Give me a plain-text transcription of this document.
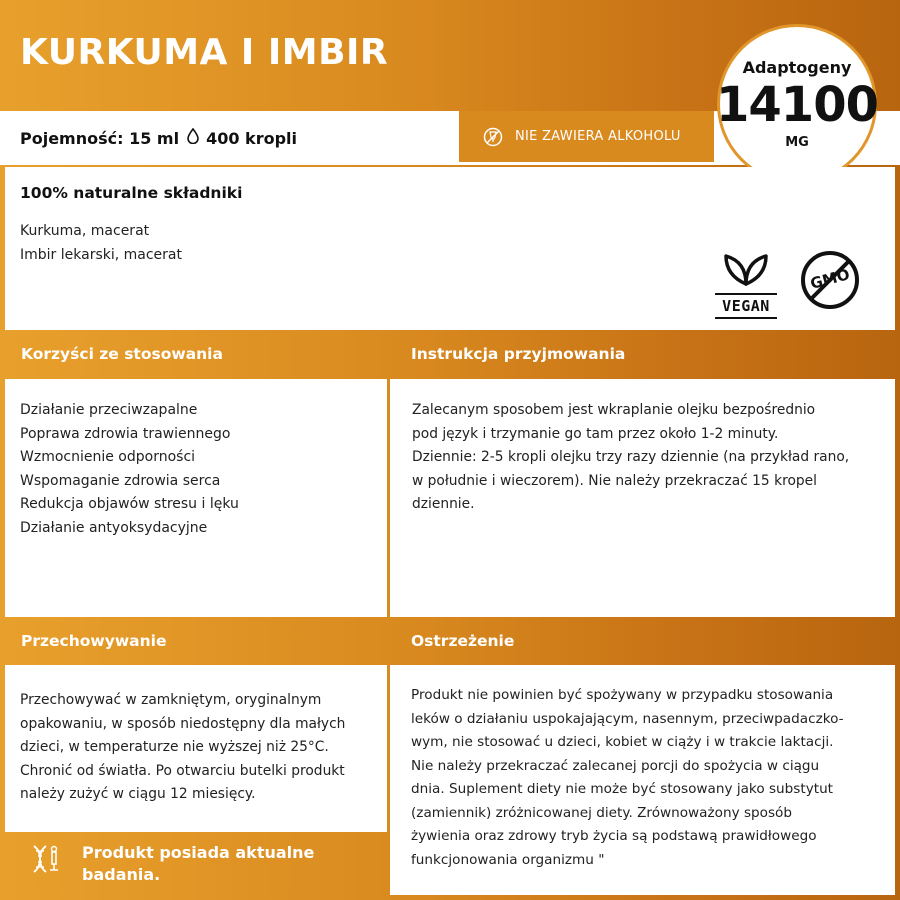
KURKUMA I IMBIR
Pojemność: 15 ml 400 kropli	NIE ZAWIERA ALKOHOLU
Adaptogeny
14100
MG
100% naturalne składniki

Kurkuma, macerat

Imbir lekarski, macerat

VEGAN
GMO
Korzyści ze stosowania
Działanie przeciwzapalne
Poprawa zdrowia trawiennego
Wzmocnienie odporności
Wspomaganie zdrowia serca
Redukcja objawów stresu i lęku
Działanie antyoksydacyjne
Instrukcja przyjmowania
Zalecanym sposobem jest wkraplanie olejku bezpośrednio
pod język i trzymanie go tam przez około 1-2 minuty.
Dziennie: 2-5 kropli olejku trzy razy dziennie (na przykład rano,
w południe i wieczorem). Nie należy przekraczać 15 kropel
dziennie.
Przechowywanie
Przechowywać w zamkniętym, oryginalnym
opakowaniu, w sposób niedostępny dla małych
dzieci, w temperaturze nie wyższej niż 25°C.
Chronić od światła. Po otwarciu butelki produkt
należy zużyć w ciągu 12 miesięcy.
Ostrzeżenie
Produkt nie powinien być spożywany w przypadku stosowania
leków o działaniu uspokajającym, nasennym, przeciwpadaczko-
wym, nie stosować u dzieci, kobiet w ciąży i w trakcie laktacji.
Nie należy przekraczać zalecanej porcji do spożycia w ciągu
dnia. Suplement diety nie może być stosowany jako substytut
(zamiennik) zróżnicowanej diety. Zrównoważony sposób
żywienia oraz zdrowy tryb życia są podstawą prawidłowego
funkcjonowania organizmu "
Produkt posiada aktualne
badania.
